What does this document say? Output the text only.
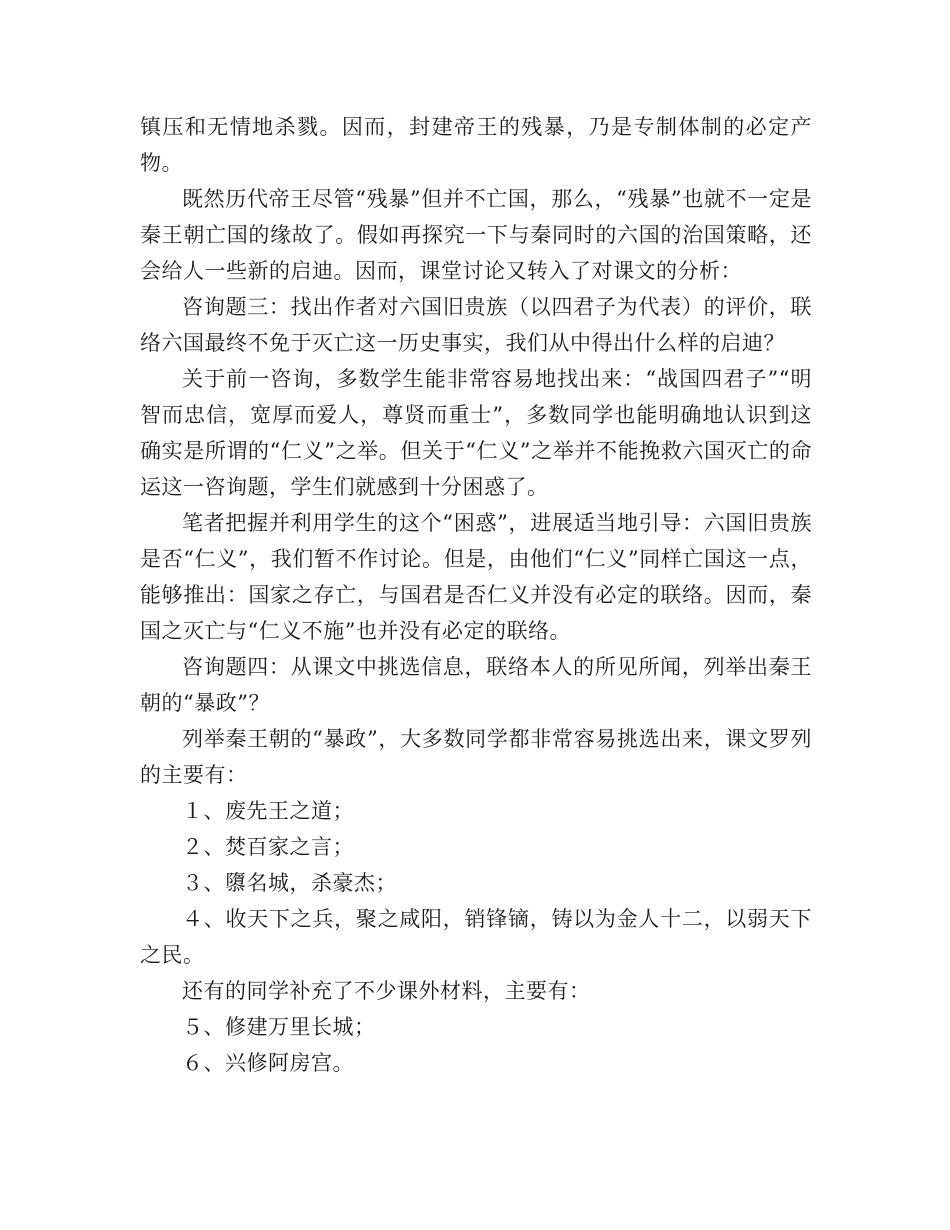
镇压和无情地杀戮。因而，封建帝王的残暴，乃是专制体制的必定产物。

既然历代帝王尽管“残暴”但并不亡国，那么，“残暴”也就不一定是秦王朝亡国的缘故了。假如再探究一下与秦同时的六国的治国策略，还会给人一些新的启迪。因而，课堂讨论又转入了对课文的分析：

咨询题三：找出作者对六国旧贵族（以四君子为代表）的评价，联络六国最终不免于灭亡这一历史事实，我们从中得出什么样的启迪？

关于前一咨询，多数学生能非常容易地找出来：“战国四君子”“明智而忠信，宽厚而爱人，尊贤而重士”，多数同学也能明确地认识到这确实是所谓的“仁义”之举。但关于“仁义”之举并不能挽救六国灭亡的命运这一咨询题，学生们就感到十分困惑了。

笔者把握并利用学生的这个“困惑”，进展适当地引导：六国旧贵族是否“仁义”，我们暂不作讨论。但是，由他们“仁义”同样亡国这一点，能够推出：国家之存亡，与国君是否仁义并没有必定的联络。因而，秦国之灭亡与“仁义不施”也并没有必定的联络。

咨询题四：从课文中挑选信息，联络本人的所见所闻，列举出秦王朝的“暴政”？

列举秦王朝的“暴政”，大多数同学都非常容易挑选出来，课文罗列的主要有：

１、废先王之道；

２、焚百家之言；

３、隳名城，杀豪杰；

４、收天下之兵，聚之咸阳，销锋镝，铸以为金人十二，以弱天下之民。

还有的同学补充了不少课外材料，主要有：

５、修建万里长城；

６、兴修阿房宫。
